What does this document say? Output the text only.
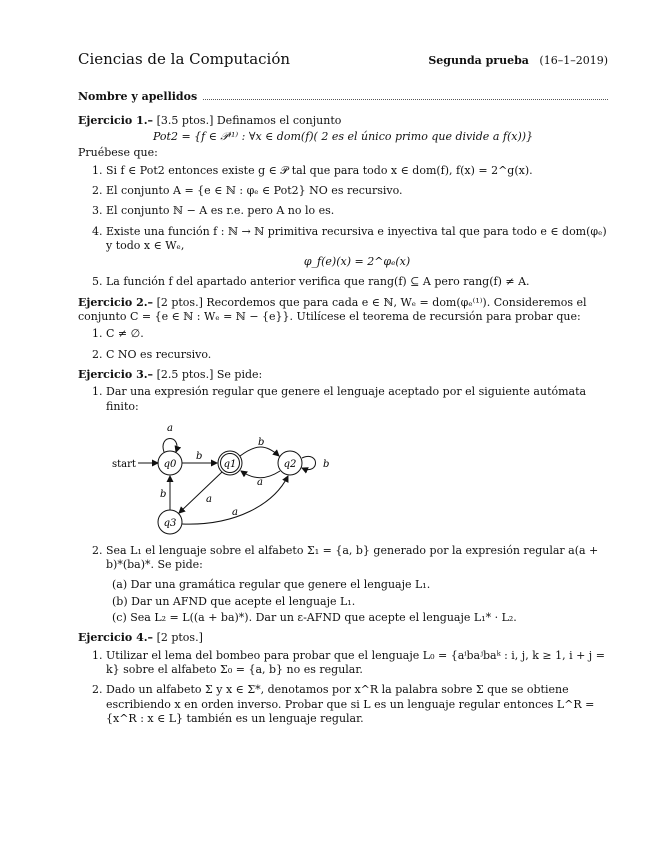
Ciencias de la Computación	Segunda prueba (16–1–2019)
Nombre y apellidos
Ejercicio 1.– [3.5 ptos.] Definamos el conjunto
Pot2 = {f ∈ 𝒫⁽¹⁾ : ∀x ∈ dom(f)( 2 es el único primo que divide a f(x))}
Pruébese que:
1. Si f ∈ Pot2 entonces existe g ∈ 𝒫 tal que para todo x ∈ dom(f), f(x) = 2^g(x).
2. El conjunto A = {e ∈ ℕ : φₑ ∈ Pot2} NO es recursivo.
3. El conjunto ℕ − A es r.e. pero A no lo es.
4. Existe una función f : ℕ → ℕ primitiva recursiva e inyectiva tal que para todo e ∈ dom(φₑ) y todo x ∈ Wₑ,
φ_f(e)(x) = 2^φₑ(x)
5. La función f del apartado anterior verifica que rang(f) ⊆ A pero rang(f) ≠ A.
Ejercicio 2.– [2 ptos.] Recordemos que para cada e ∈ ℕ, Wₑ = dom(φₑ⁽¹⁾). Consideremos el conjunto C = {e ∈ ℕ : Wₑ = ℕ − {e}}. Utilícese el teorema de recursión para probar que:
1. C ≠ ∅.
2. C NO es recursivo.
Ejercicio 3.– [2.5 ptos.] Se pide:
1. Dar una expresión regular que genere el lenguaje aceptado por el siguiente autómata finito:
start	q0	q1	q2
q3
a
b
b
a
b
b	a
a
2. Sea L₁ el lenguaje sobre el alfabeto Σ₁ = {a, b} generado por la expresión regular a(a + b)*(ba)*. Se pide:
(a) Dar una gramática regular que genere el lenguaje L₁.
(b) Dar un AFND que acepte el lenguaje L₁.
(c) Sea L₂ = L((a + ba)*). Dar un ε-AFND que acepte el lenguaje L₁* · L₂.
Ejercicio 4.– [2 ptos.]
1. Utilizar el lema del bombeo para probar que el lenguaje L₀ = {aⁱbaʲbaᵏ : i, j, k ≥ 1, i + j = k} sobre el alfabeto Σ₀ = {a, b} no es regular.
2. Dado un alfabeto Σ y x ∈ Σ*, denotamos por x^R la palabra sobre Σ que se obtiene escribiendo x en orden inverso. Probar que si L es un lenguaje regular entonces L^R = {x^R : x ∈ L} también es un lenguaje regular.
